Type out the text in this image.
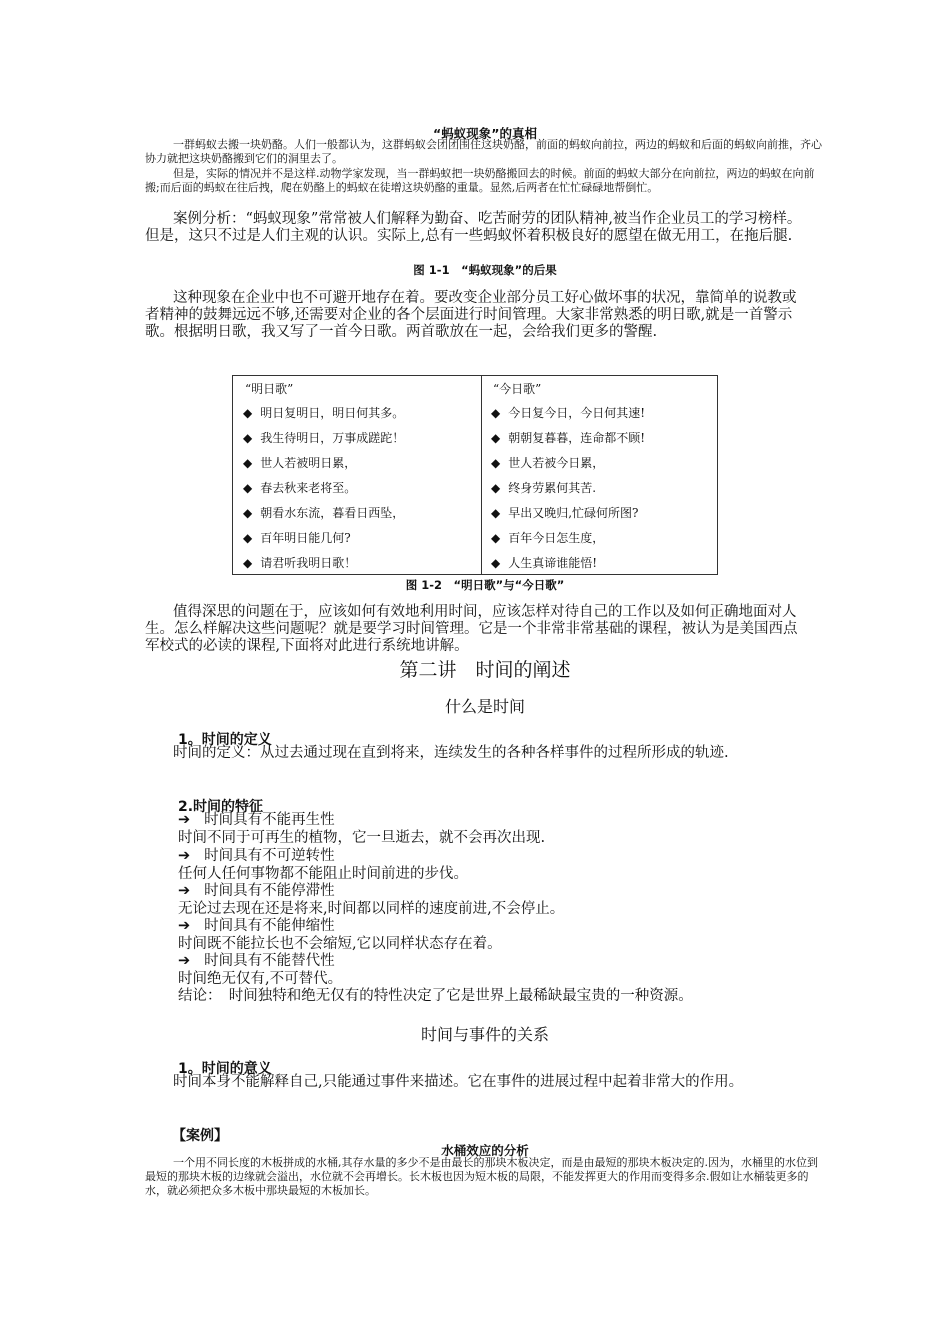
“蚂蚁现象”的真相
一群蚂蚁去搬一块奶酪。人们一般都认为，这群蚂蚁会团团围住这块奶酪，前面的蚂蚁向前拉，两边的蚂蚁和后面的蚂蚁向前推，齐心协力就把这块奶酪搬到它们的洞里去了。
但是，实际的情况并不是这样.动物学家发现，当一群蚂蚁把一块奶酪搬回去的时候。前面的蚂蚁大部分在向前拉，两边的蚂蚁在向前搬;而后面的蚂蚁在往后拽，爬在奶酪上的蚂蚁在徒增这块奶酪的重量。显然,后两者在忙忙碌碌地帮倒忙。
案例分析：“蚂蚁现象”常常被人们解释为勤奋、吃苦耐劳的团队精神,被当作企业员工的学习榜样。但是，这只不过是人们主观的认识。实际上,总有一些蚂蚁怀着积极良好的愿望在做无用工，在拖后腿.
图 1-1　“蚂蚁现象”的后果
这种现象在企业中也不可避开地存在着。要改变企业部分员工好心做坏事的状况，靠简单的说教或者精神的鼓舞远远不够,还需要对企业的各个层面进行时间管理。大家非常熟悉的明日歌,就是一首警示歌。根据明日歌，我又写了一首今日歌。两首歌放在一起，会给我们更多的警醒.
“明日歌”
◆ 明日复明日，明日何其多。
◆ 我生待明日，万事成蹉跎！
◆ 世人若被明日累，
◆ 春去秋来老将至。
◆ 朝看水东流，暮看日西坠，
◆ 百年明日能几何?
◆ 请君听我明日歌！
“今日歌”
◆ 今日复今日，今日何其速!
◆ 朝朝复暮暮，连命都不顾!
◆ 世人若被今日累，
◆ 终身劳累何其苦.
◆ 早出又晚归,忙碌何所图?
◆ 百年今日怎生度，
◆ 人生真谛谁能悟!
图 1-2　“明日歌”与“今日歌”
值得深思的问题在于，应该如何有效地利用时间，应该怎样对待自己的工作以及如何正确地面对人生。怎么样解决这些问题呢？就是要学习时间管理。它是一个非常非常基础的课程，被认为是美国西点军校式的必读的课程,下面将对此进行系统地讲解。
第二讲　时间的阐述
什么是时间
1。时间的定义
时间的定义：从过去通过现在直到将来，连续发生的各种各样事件的过程所形成的轨迹.
2.时间的特征
➔ 时间具有不能再生性
时间不同于可再生的植物，它一旦逝去，就不会再次出现.
➔ 时间具有不可逆转性
任何人任何事物都不能阻止时间前进的步伐。
➔ 时间具有不能停滞性
无论过去现在还是将来,时间都以同样的速度前进,不会停止。
➔ 时间具有不能伸缩性
时间既不能拉长也不会缩短,它以同样状态存在着。
➔ 时间具有不能替代性
时间绝无仅有,不可替代。
结论：　时间独特和绝无仅有的特性决定了它是世界上最稀缺最宝贵的一种资源。
时间与事件的关系
1。时间的意义
时间本身不能解释自己,只能通过事件来描述。它在事件的进展过程中起着非常大的作用。
【案例】
水桶效应的分析
一个用不同长度的木板拼成的水桶,其存水量的多少不是由最长的那块木板决定，而是由最短的那块木板决定的.因为，水桶里的水位到最短的那块木板的边缘就会溢出，水位就不会再增长。长木板也因为短木板的局限，不能发挥更大的作用而变得多余.假如让水桶装更多的水，就必须把众多木板中那块最短的木板加长。
